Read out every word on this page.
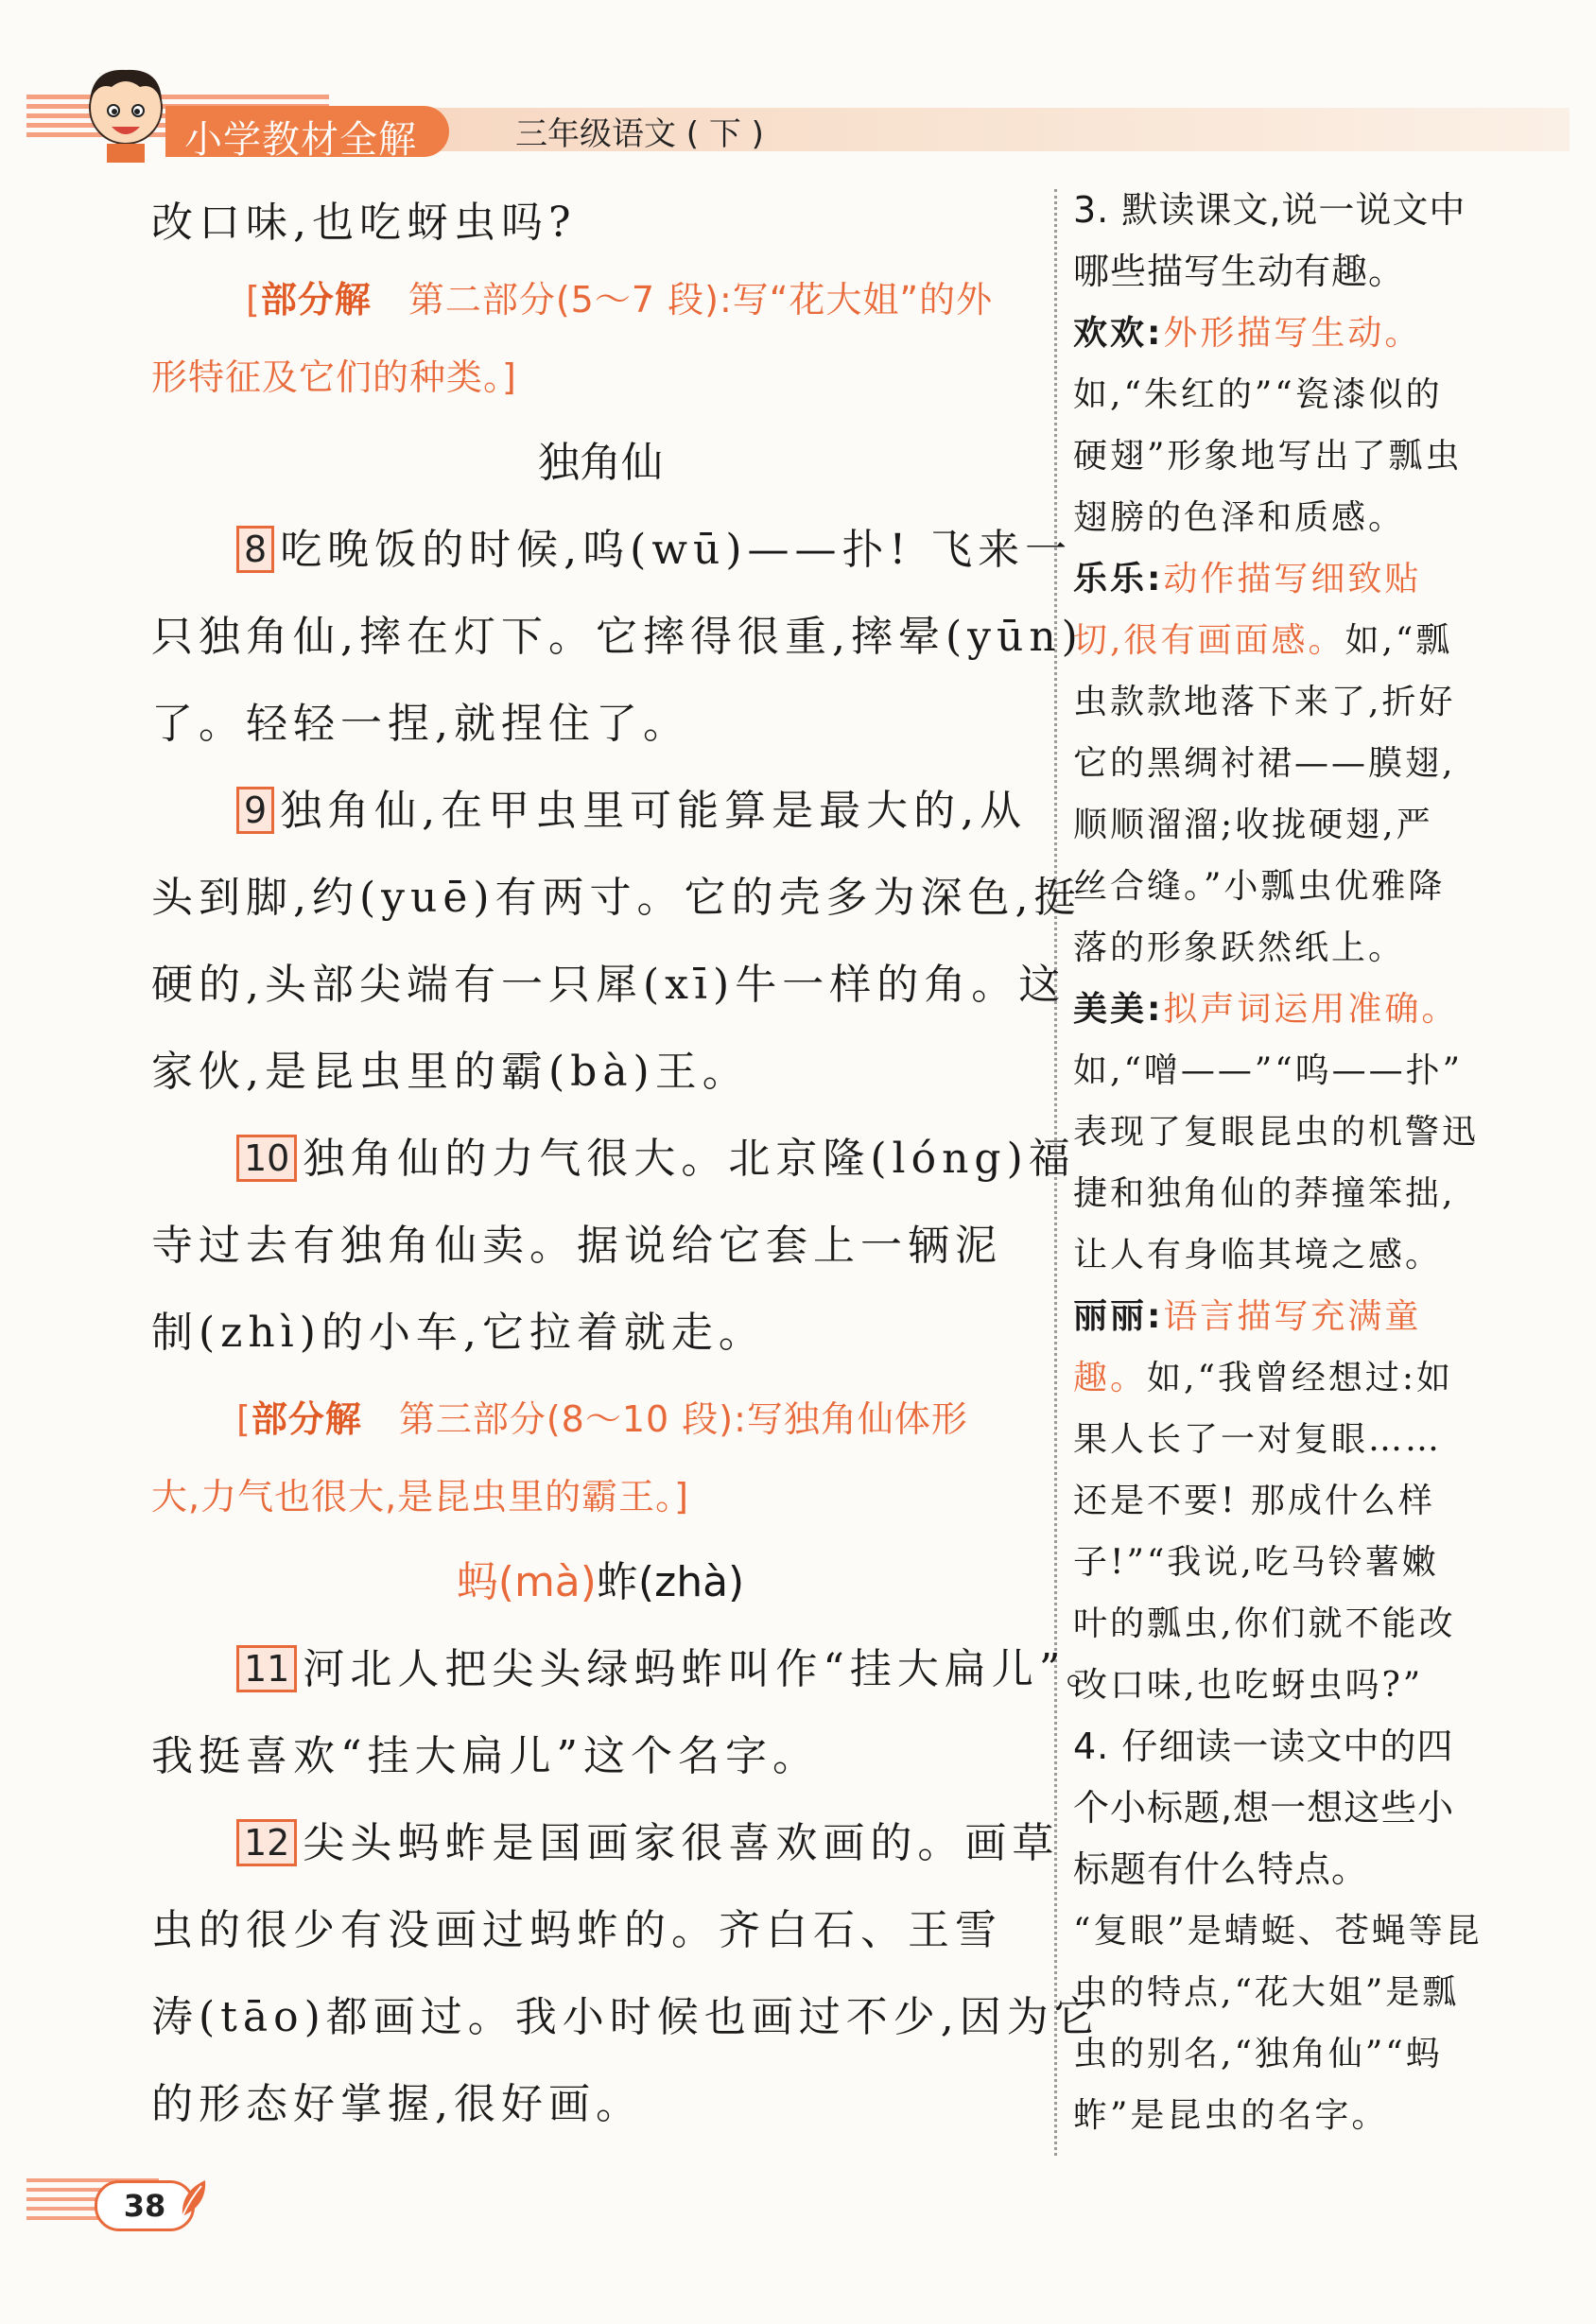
小学教材全解	三年级语文 ( 下 )
改口味,也吃蚜虫吗?
[部分解　 第二部分(5～7 段):写“花大姐”的外
形特征及它们的种类。]
独角仙
8 吃晚饭的时候,呜(wū)——扑! 飞来一
只独角仙,摔在灯下。它摔得很重,摔晕(yūn)
了。轻轻一捏,就捏住了。
9 独角仙,在甲虫里可能算是最大的,从
头到脚,约(yuē)有两寸。它的壳多为深色,挺
硬的,头部尖端有一只犀(xī)牛一样的角。这
家伙,是昆虫里的霸(bà)王。
10 独角仙的力气很大。北京隆(lóng)福
寺过去有独角仙卖。据说给它套上一辆泥
制(zhì)的小车,它拉着就走。
[部分解　 第三部分(8～10 段):写独角仙体形
大,力气也很大,是昆虫里的霸王。]
蚂(mà)蚱(zhà)
11 河北人把尖头绿蚂蚱叫作“挂大扁儿”。
我挺喜欢“挂大扁儿”这个名字。
12 尖头蚂蚱是国画家很喜欢画的。画草
虫的很少有没画过蚂蚱的。齐白石、王雪
涛(tāo)都画过。我小时候也画过不少,因为它
的形态好掌握,很好画。
3. 默读课文,说一说文中
哪些描写生动有趣。
欢欢:外形描写生动。
如,“朱红的”“瓷漆似的
硬翅”形象地写出了瓢虫
翅膀的色泽和质感。
乐乐:动作描写细致贴
切,很有画面感。如,“瓢
虫款款地落下来了,折好
它的黑绸衬裙——膜翅,
顺顺溜溜;收拢硬翅,严
丝合缝。”小瓢虫优雅降
落的形象跃然纸上。
美美:拟声词运用准确。
如,“噌——”“呜——扑”
表现了复眼昆虫的机警迅
捷和独角仙的莽撞笨拙,
让人有身临其境之感。
丽丽:语言描写充满童
趣。如,“我曾经想过:如
果人长了一对复眼……
还是不要! 那成什么样
子!”“我说,吃马铃薯嫩
叶的瓢虫,你们就不能改
改口味,也吃蚜虫吗?”
4. 仔细读一读文中的四
个小标题,想一想这些小
标题有什么特点。
“复眼”是蜻蜓、苍蝇等昆
虫的特点,“花大姐”是瓢
虫的别名,“独角仙”“蚂
蚱”是昆虫的名字。
38
